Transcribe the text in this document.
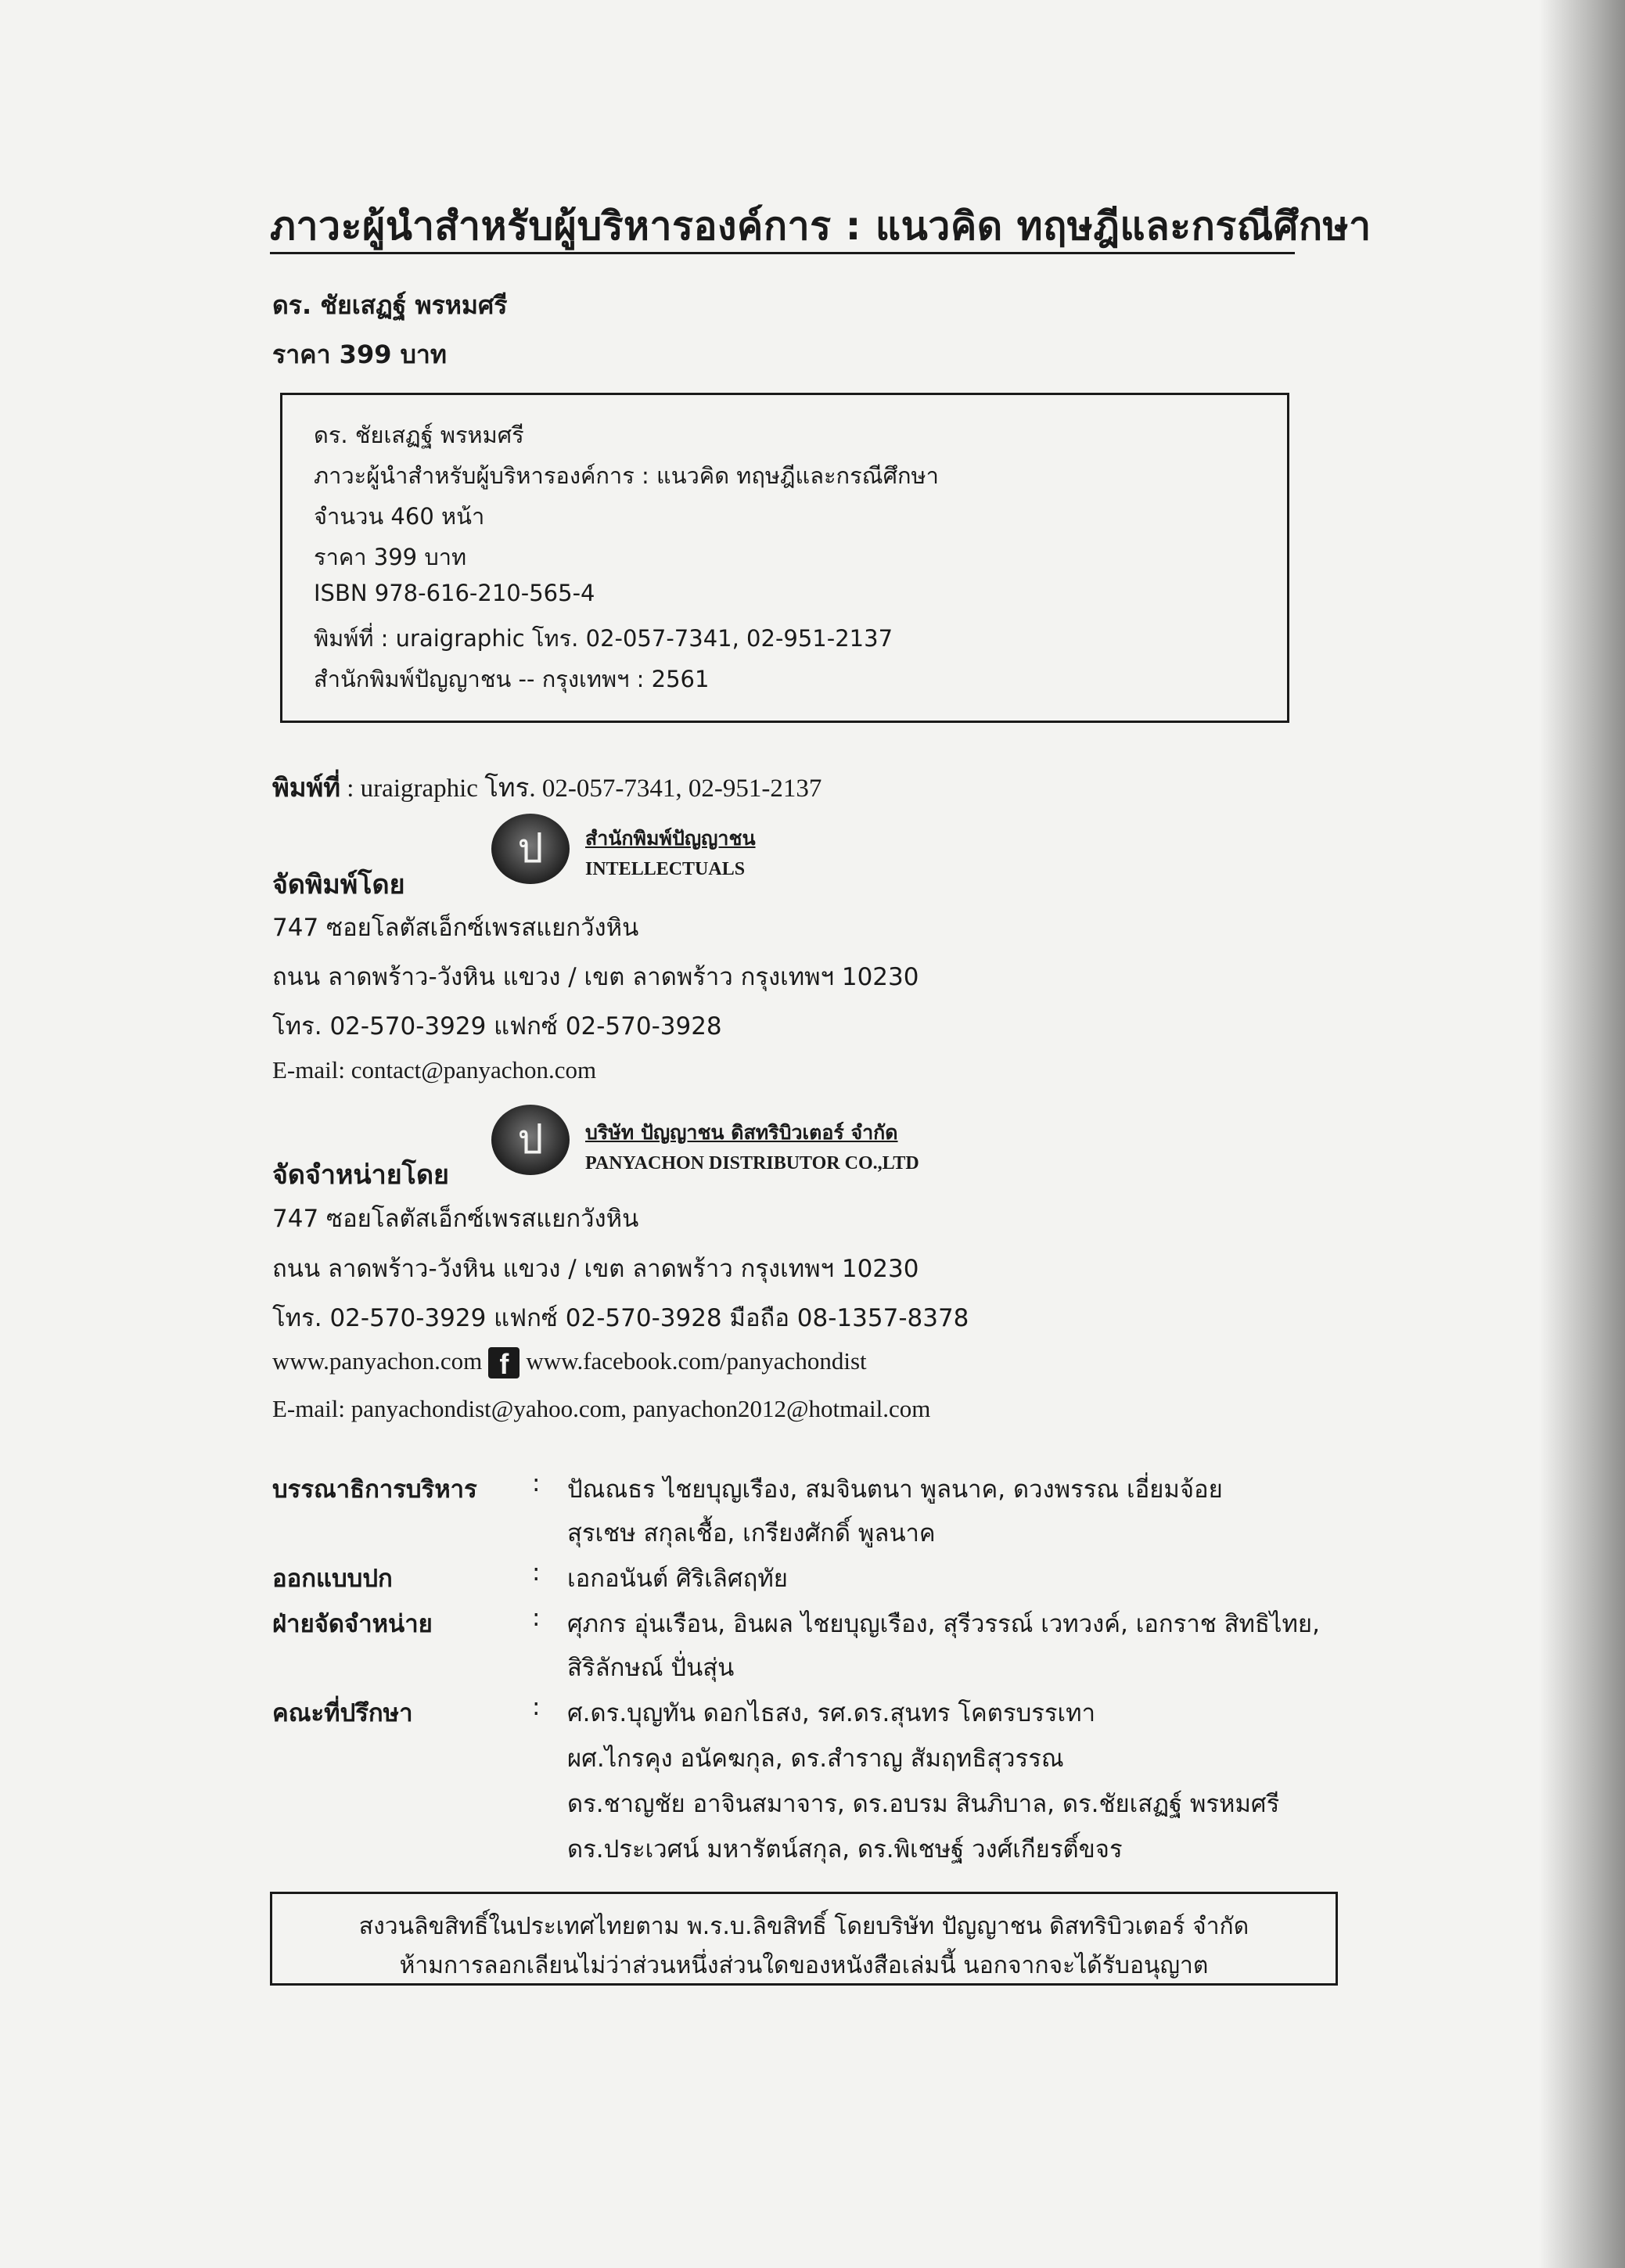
ภาวะผู้นำสำหรับผู้บริหารองค์การ : แนวคิด ทฤษฎีและกรณีศึกษา
ดร. ชัยเสฏฐ์ พรหมศรี
ราคา 399 บาท
ดร. ชัยเสฏฐ์ พรหมศรี
ภาวะผู้นำสำหรับผู้บริหารองค์การ : แนวคิด ทฤษฎีและกรณีศึกษา
จำนวน 460 หน้า
ราคา 399 บาท
ISBN 978-616-210-565-4
พิมพ์ที่ : uraigraphic โทร. 02-057-7341, 02-951-2137
สำนักพิมพ์ปัญญาชน -- กรุงเทพฯ : 2561
พิมพ์ที่ : uraigraphic โทร. 02-057-7341, 02-951-2137
ป	สำนักพิมพ์ปัญญาชน
INTELLECTUALS
จัดพิมพ์โดย
747 ซอยโลตัสเอ็กซ์เพรสแยกวังหิน
ถนน ลาดพร้าว-วังหิน แขวง / เขต ลาดพร้าว กรุงเทพฯ 10230
โทร. 02-570-3929 แฟกซ์ 02-570-3928
E-mail: contact@panyachon.com
ป	บริษัท ปัญญาชน ดิสทริบิวเตอร์ จำกัด
PANYACHON DISTRIBUTOR CO.,LTD
จัดจำหน่ายโดย
747 ซอยโลตัสเอ็กซ์เพรสแยกวังหิน
ถนน ลาดพร้าว-วังหิน แขวง / เขต ลาดพร้าว กรุงเทพฯ 10230
โทร. 02-570-3929 แฟกซ์ 02-570-3928 มือถือ 08-1357-8378
www.panyachon.com f www.facebook.com/panyachondist
E-mail: panyachondist@yahoo.com, panyachon2012@hotmail.com
บรรณาธิการบริหาร : ปัณณธร ไชยบุญเรือง, สมจินตนา พูลนาค, ดวงพรรณ เอี่ยมจ้อย
สุรเชษ สกุลเชื้อ, เกรียงศักดิ์ พูลนาค
ออกแบบปก	: เอกอนันต์ ศิริเลิศฤทัย
ฝ่ายจัดจำหน่าย	: ศุภกร อุ่นเรือน, อินผล ไชยบุญเรือง, สุรีวรรณ์ เวทวงค์, เอกราช สิทธิไทย,
สิริลักษณ์ ปั่นสุ่น
คณะที่ปรึกษา	: ศ.ดร.บุญทัน ดอกไธสง, รศ.ดร.สุนทร โคตรบรรเทา
ผศ.ไกรคุง อนัคฆกุล, ดร.สำราญ สัมฤทธิสุวรรณ
ดร.ชาญชัย อาจินสมาจาร, ดร.อบรม สินภิบาล, ดร.ชัยเสฏฐ์ พรหมศรี
ดร.ประเวศน์ มหารัตน์สกุล, ดร.พิเชษฐ์ วงศ์เกียรติ์ขจร
สงวนลิขสิทธิ์ในประเทศไทยตาม พ.ร.บ.ลิขสิทธิ์ โดยบริษัท ปัญญาชน ดิสทริบิวเตอร์ จำกัด
ห้ามการลอกเลียนไม่ว่าส่วนหนึ่งส่วนใดของหนังสือเล่มนี้ นอกจากจะได้รับอนุญาต
